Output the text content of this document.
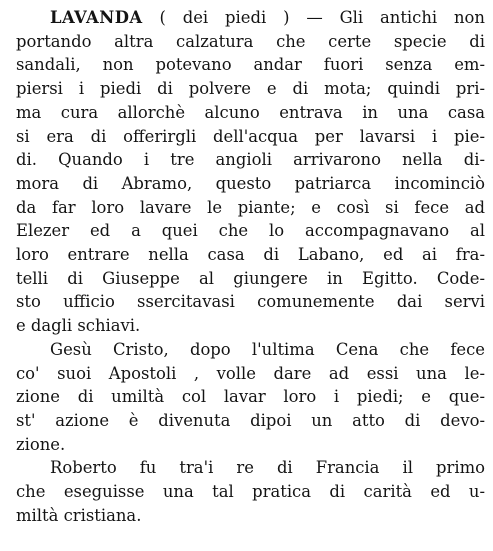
LAVANDA ( dei piedi ) — Gli antichi non
portando altra calzatura che certe specie di
sandali, non potevano andar fuori senza em-
piersi i piedi di polvere e di mota; quindi pri-
ma cura allorchè alcuno entrava in una casa
si era di offerirgli dell'acqua per lavarsi i pie-
di. Quando i tre angioli arrivarono nella di-
mora di Abramo, questo patriarca incominciò
da far loro lavare le piante; e così si fece ad
Elezer ed a quei che lo accompagnavano al
loro entrare nella casa di Labano, ed ai fra-
telli di Giuseppe al giungere in Egitto. Code-
sto ufficio ssercitavasi comunemente dai servi
e dagli schiavi.
Gesù Cristo, dopo l'ultima Cena che fece
co' suoi Apostoli , volle dare ad essi una le-
zione di umiltà col lavar loro i piedi; e que-
st' azione è divenuta dipoi un atto di devo-
zione.
Roberto fu tra'i re di Francia il primo
che eseguisse una tal pratica di carità ed u-
miltà cristiana.
